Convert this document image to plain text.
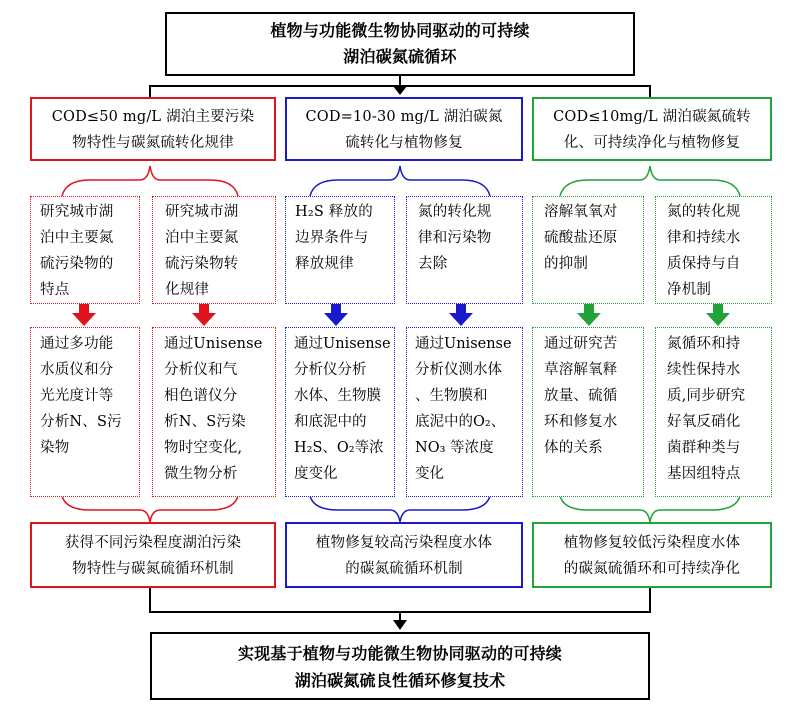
植物与功能微生物协同驱动的可持续
湖泊碳氮硫循环
COD≤50 mg/L 湖泊主要污染
物特性与碳氮硫转化规律
COD=10-30 mg/L 湖泊碳氮
硫转化与植物修复
COD≤10mg/L 湖泊碳氮硫转
化、可持续净化与植物修复
研究城市湖
泊中主要氮
硫污染物的
特点
研究城市湖
泊中主要氮
硫污染物转
化规律
H₂S 释放的
边界条件与
释放规律
氮的转化规
律和污染物
去除
溶解氧氧对
硫酸盐还原
的抑制
氮的转化规
律和持续水
质保持与自
净机制
通过多功能
水质仪和分
光光度计等
分析N、S污
染物
通过Unisense
分析仪和气
相色谱仪分
析N、S污染
物时空变化,
微生物分析
通过Unisense
分析仪分析
水体、生物膜
和底泥中的
H₂S、O₂等浓
度变化
通过Unisense
分析仪测水体
、生物膜和
底泥中的O₂、
NO₃ 等浓度
变化
通过研究苦
草溶解氧释
放量、硫循
环和修复水
体的关系
氮循环和持
续性保持水
质,同步研究
好氧反硝化
菌群种类与
基因组特点
获得不同污染程度湖泊污染
物特性与碳氮硫循环机制
植物修复较高污染程度水体
的碳氮硫循环机制
植物修复较低污染程度水体
的碳氮硫循环和可持续净化
实现基于植物与功能微生物协同驱动的可持续
湖泊碳氮硫良性循环修复技术
